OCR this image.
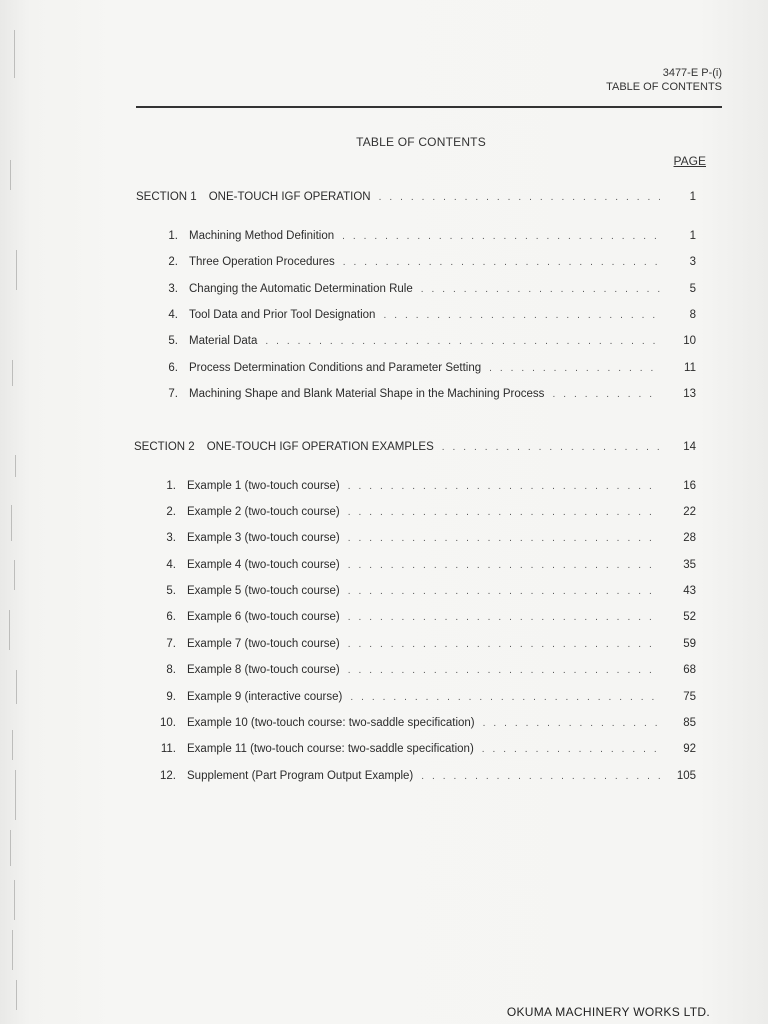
3477-E P-(i)
TABLE OF CONTENTS
TABLE OF CONTENTS
PAGE
SECTION 1 ONE-TOUCH IGF OPERATION . . .	1
1. Machining Method Definition . . .	1
2. Three Operation Procedures . . .	3
3. Changing the Automatic Determination Rule . . .	5
4. Tool Data and Prior Tool Designation . . .	8
5. Material Data . . .	10
6. Process Determination Conditions and Parameter Setting . . .	11
7. Machining Shape and Blank Material Shape in the Machining Process . . .	13
SECTION 2 ONE-TOUCH IGF OPERATION EXAMPLES . . .	14
1. Example 1 (two-touch course) . . .	16
2. Example 2 (two-touch course) . . .	22
3. Example 3 (two-touch course) . . .	28
4. Example 4 (two-touch course) . . .	35
5. Example 5 (two-touch course) . . .	43
6. Example 6 (two-touch course) . . .	52
7. Example 7 (two-touch course) . . .	59
8. Example 8 (two-touch course) . . .	68
9. Example 9 (interactive course) . . .	75
10. Example 10 (two-touch course: two-saddle specification) . . .	85
11. Example 11 (two-touch course: two-saddle specification) . . .	92
12. Supplement (Part Program Output Example) . . .	105
OKUMA MACHINERY WORKS LTD.
